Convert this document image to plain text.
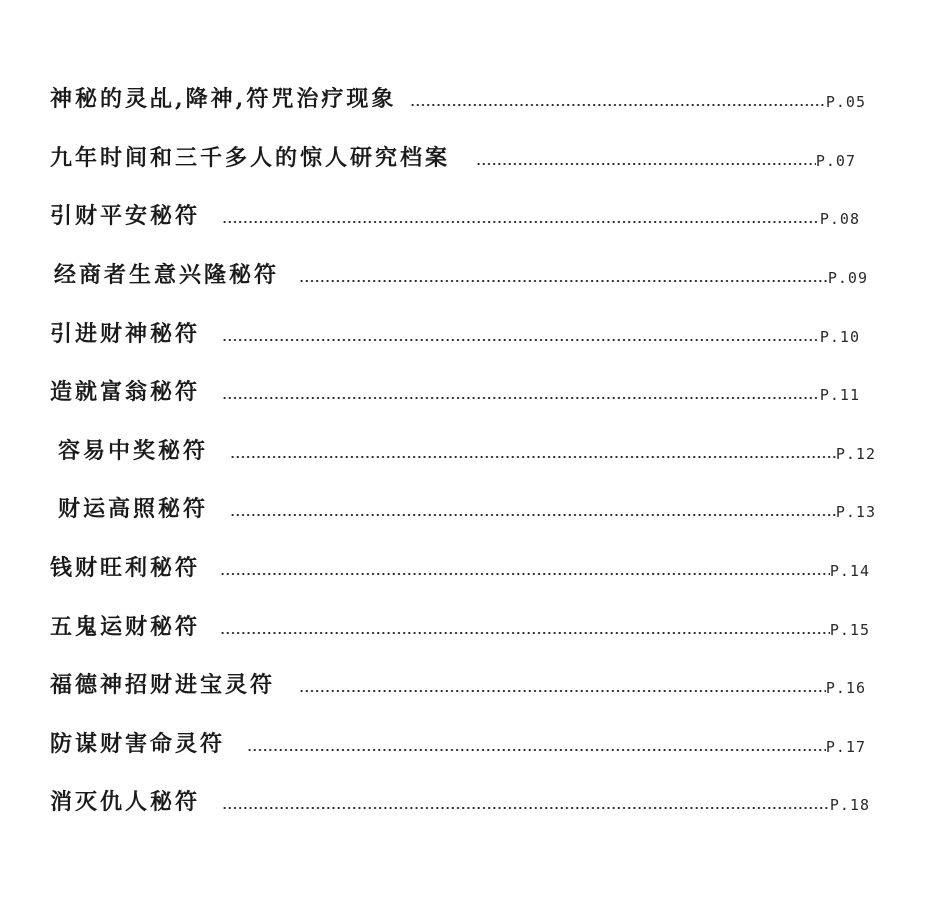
神秘的灵乩,降神,符咒治疗现象	P.05
九年时间和三千多人的惊人研究档案	P.07
引财平安秘符	P.08
经商者生意兴隆秘符	P.09
引进财神秘符	P.10
造就富翁秘符	P.11
容易中奖秘符	P.12
财运高照秘符	P.13
钱财旺利秘符	P.14
五鬼运财秘符	P.15
福德神招财进宝灵符	P.16
防谋财害命灵符	P.17
消灭仇人秘符	P.18
